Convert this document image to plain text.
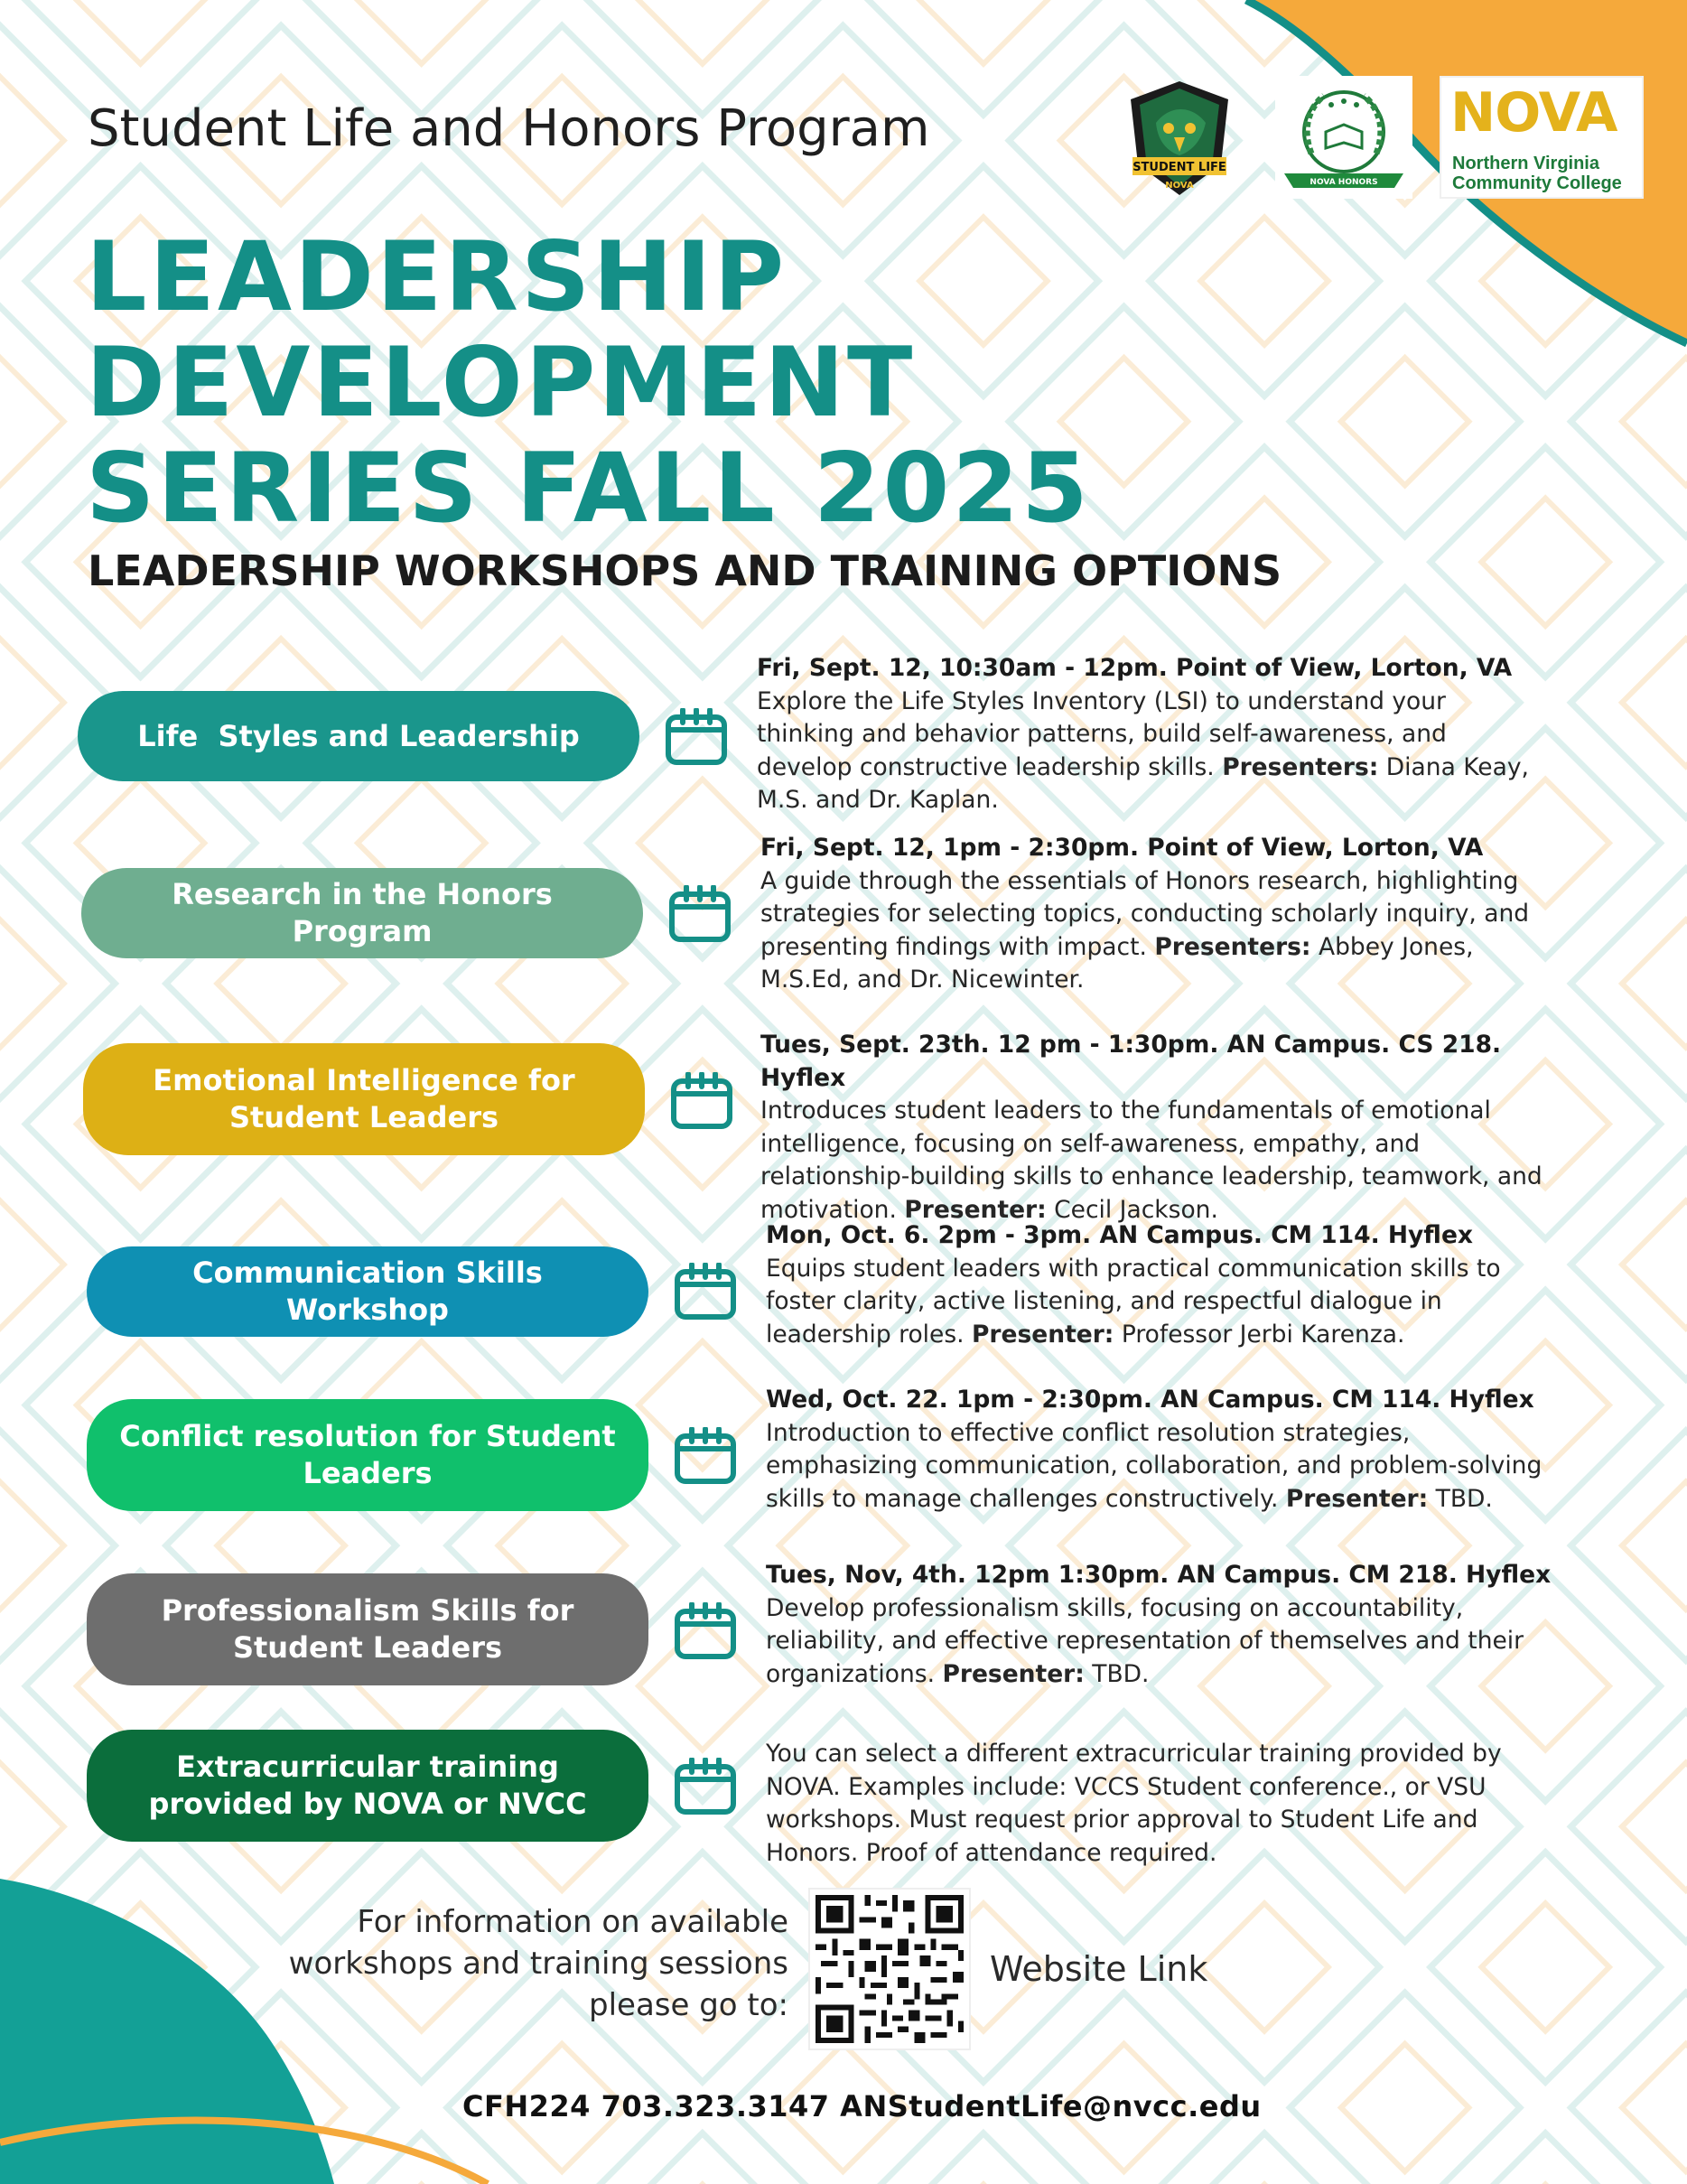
Student Life and Honors Program
LEADERSHIP
DEVELOPMENT
SERIES FALL 2025
LEADERSHIP WORKSHOPS AND TRAINING OPTIONS
STUDENT LIFE
NOVA	NOVA HONORS
NOVA
Northern Virginia
Community College
Life  Styles and Leadership
Fri, Sept. 12, 10:30am - 12pm. Point of View, Lorton, VA
Explore the Life Styles Inventory (LSI) to understand your thinking and behavior patterns, build self-awareness, and develop constructive leadership skills. Presenters: Diana Keay, M.S. and Dr. Kaplan.
Research in the Honors Program
Fri, Sept. 12, 1pm - 2:30pm. Point of View, Lorton, VA
A guide through the essentials of Honors research, highlighting strategies for selecting topics, conducting scholarly inquiry, and presenting findings with impact. Presenters: Abbey Jones, M.S.Ed, and Dr. Nicewinter.
Emotional Intelligence for Student Leaders
Tues, Sept. 23th. 12 pm - 1:30pm. AN Campus. CS 218. Hyflex
Introduces student leaders to the fundamentals of emotional intelligence, focusing on self-awareness, empathy, and relationship-building skills to enhance leadership, teamwork, and motivation. Presenter: Cecil Jackson.
Communication Skills Workshop
Mon, Oct. 6. 2pm - 3pm. AN Campus. CM 114. Hyflex
Equips student leaders with practical communication skills to foster clarity, active listening, and respectful dialogue in leadership roles. Presenter: Professor Jerbi Karenza.
Conflict resolution for Student Leaders
Wed, Oct. 22. 1pm - 2:30pm. AN Campus. CM 114. Hyflex
Introduction to effective conflict resolution strategies, emphasizing communication, collaboration, and problem-solving skills to manage challenges constructively. Presenter: TBD.
Professionalism Skills for Student Leaders
Tues, Nov, 4th. 12pm 1:30pm. AN Campus. CM 218. Hyflex
Develop professionalism skills, focusing on accountability, reliability, and effective representation of themselves and their organizations. Presenter: TBD.
Extracurricular training provided by NOVA or NVCC
You can select a different extracurricular training provided by NOVA. Examples include: VCCS Student conference., or VSU workshops. Must request prior approval to Student Life and Honors. Proof of attendance required.
For information on available
workshops and training sessions
please go to:
Website Link
CFH224 703.323.3147 ANStudentLife@nvcc.edu
